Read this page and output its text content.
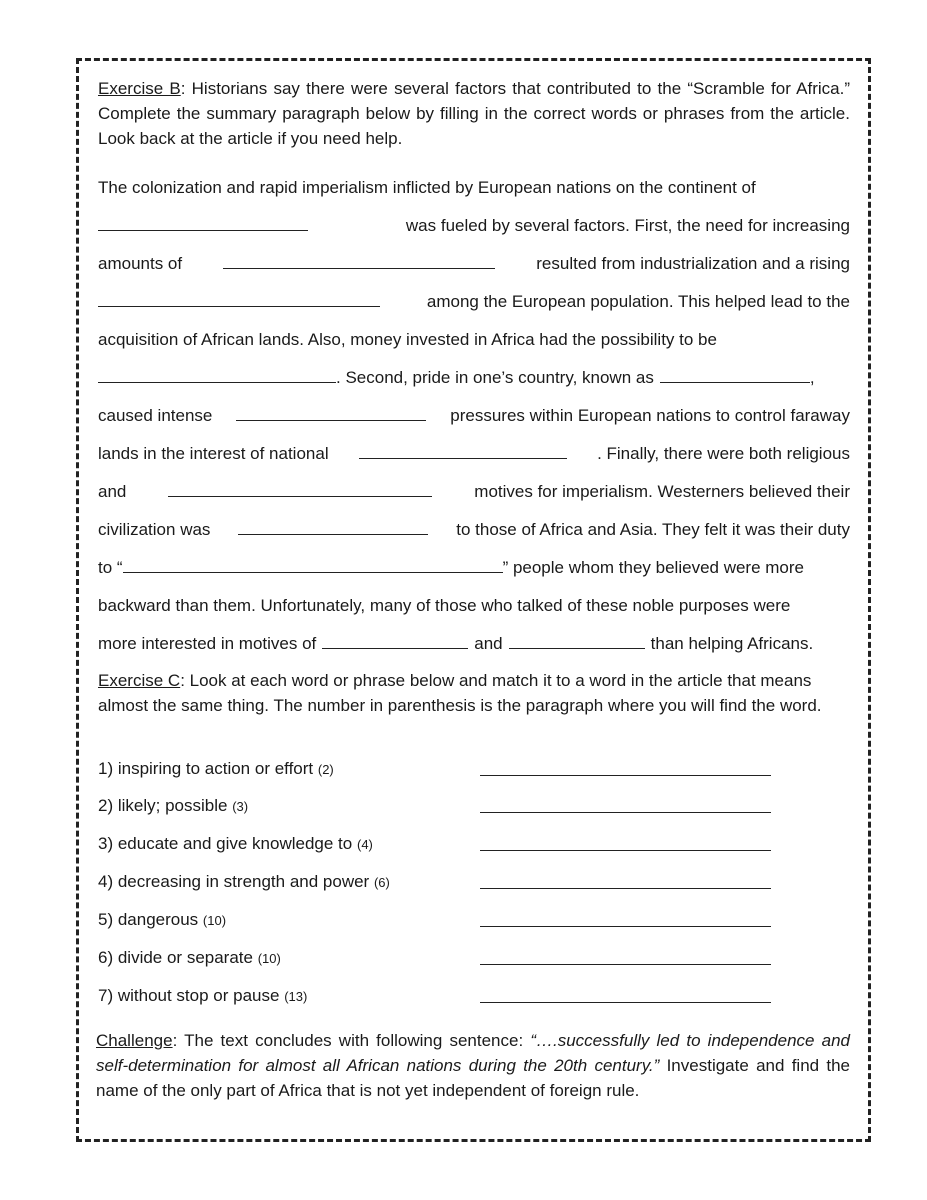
Exercise B: Historians say there were several factors that contributed to the “Scramble for Africa.” Complete the summary paragraph below by filling in the correct words or phrases from the article. Look back at the article if you need help.
The colonization and rapid imperialism inflicted by European nations on the continent of
was fueled by several factors. First, the need for increasing
amounts of	resulted from industrialization and a rising
among the European population. This helped lead to the
acquisition of African lands. Also, money invested in Africa had the possibility to be
. Second, pride in one’s country, known as	,
caused intense	pressures within European nations to control faraway
lands in the interest of national	. Finally, there were both religious
and	motives for imperialism. Westerners believed their
civilization was	to those of Africa and Asia. They felt it was their duty
to “	” people whom they believed were more
backward than them. Unfortunately, many of those who talked of these noble purposes were
more interested in motives of	and	than helping Africans.
Exercise C: Look at each word or phrase below and match it to a word in the article that means almost the same thing. The number in parenthesis is the paragraph where you will find the word.
1) inspiring to action or effort (2)
2) likely; possible (3)
3) educate and give knowledge to (4)
4) decreasing in strength and power (6)
5) dangerous (10)
6) divide or separate (10)
7) without stop or pause (13)
Challenge: The text concludes with following sentence: “….successfully led to independence and self-determination for almost all African nations during the 20th century.” Investigate and find the name of the only part of Africa that is not yet independent of foreign rule.
